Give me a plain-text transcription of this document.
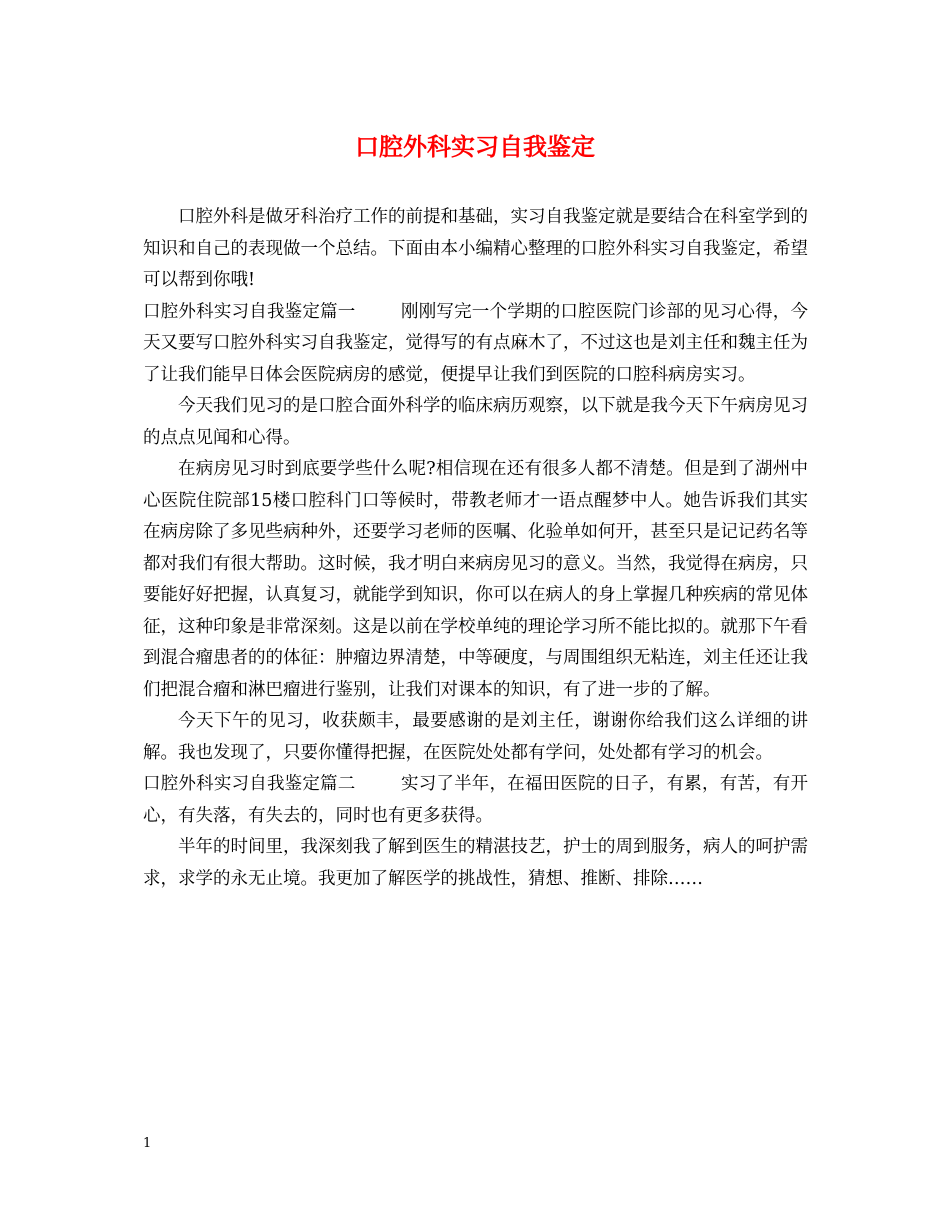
口腔外科实习自我鉴定

口腔外科是做牙科治疗工作的前提和基础，实习自我鉴定就是要结合在科室学到的知识和自己的表现做一个总结。下面由本小编精心整理的口腔外科实习自我鉴定，希望可以帮到你哦!

口腔外科实习自我鉴定篇一	刚刚写完一个学期的口腔医院门诊部的见习心得，今天又要写口腔外科实习自我鉴定，觉得写的有点麻木了，不过这也是刘主任和魏主任为了让我们能早日体会医院病房的感觉，便提早让我们到医院的口腔科病房实习。

今天我们见习的是口腔合面外科学的临床病历观察，以下就是我今天下午病房见习的点点见闻和心得。

在病房见习时到底要学些什么呢?相信现在还有很多人都不清楚。但是到了湖州中心医院住院部15楼口腔科门口等候时，带教老师才一语点醒梦中人。她告诉我们其实在病房除了多见些病种外，还要学习老师的医嘱、化验单如何开，甚至只是记记药名等都对我们有很大帮助。这时候，我才明白来病房见习的意义。当然，我觉得在病房，只要能好好把握，认真复习，就能学到知识，你可以在病人的身上掌握几种疾病的常见体征，这种印象是非常深刻。这是以前在学校单纯的理论学习所不能比拟的。就那下午看到混合瘤患者的的体征：肿瘤边界清楚，中等硬度，与周围组织无粘连，刘主任还让我们把混合瘤和淋巴瘤进行鉴别，让我们对课本的知识，有了进一步的了解。

今天下午的见习，收获颇丰，最要感谢的是刘主任，谢谢你给我们这么详细的讲解。我也发现了，只要你懂得把握，在医院处处都有学问，处处都有学习的机会。

口腔外科实习自我鉴定篇二	实习了半年，在福田医院的日子，有累，有苦，有开心，有失落，有失去的，同时也有更多获得。

半年的时间里，我深刻我了解到医生的精湛技艺，护士的周到服务，病人的呵护需求，求学的永无止境。我更加了解医学的挑战性，猜想、推断、排除……

1
